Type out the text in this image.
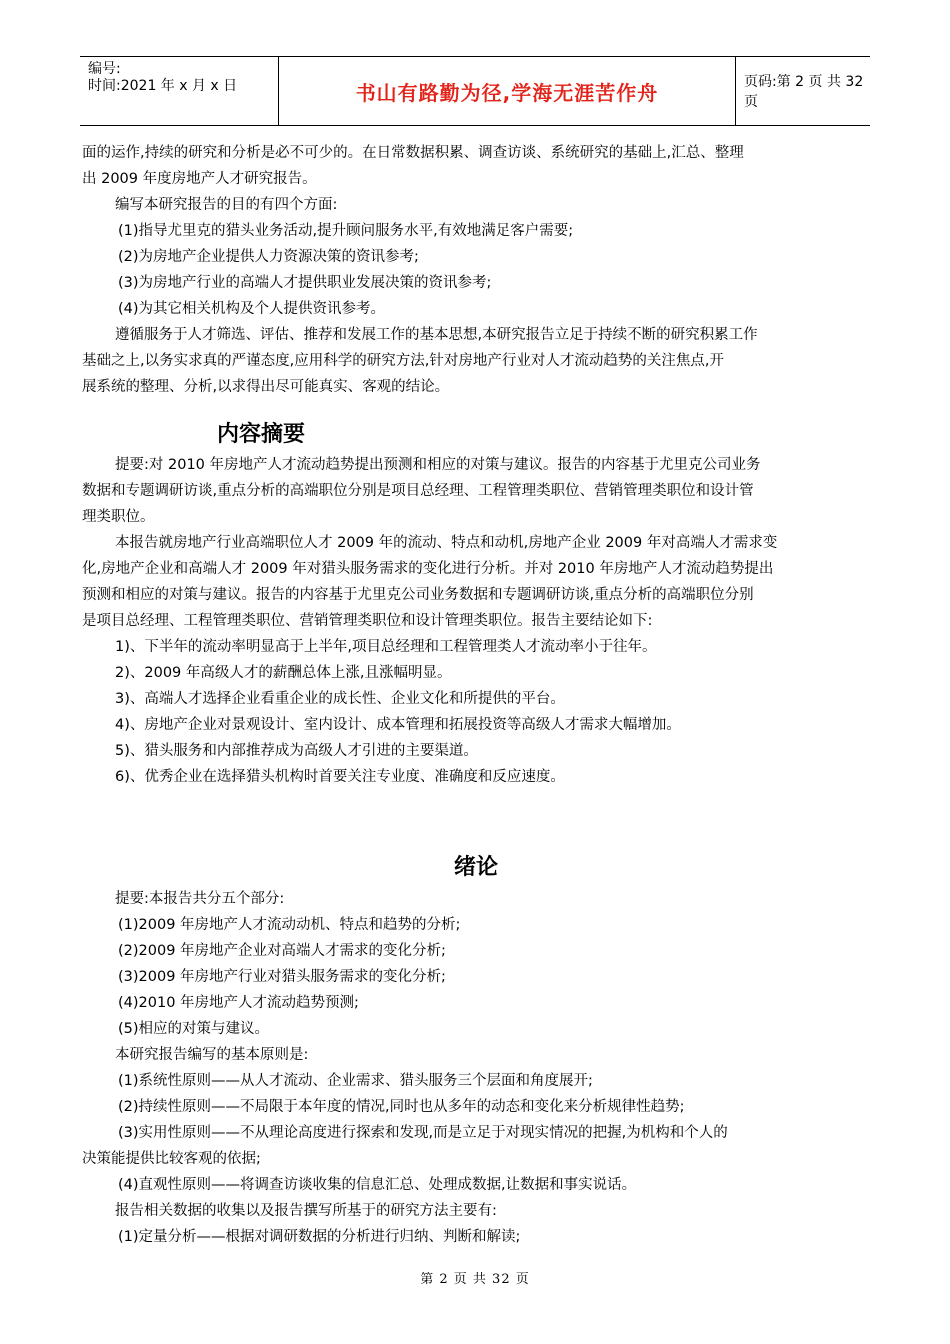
编号:
时间:2021 年 x 月 x 日	书山有路勤为径,学海无涯苦作舟	页码:第 2 页 共 32 页
面的运作,持续的研究和分析是必不可少的。在日常数据积累、调查访谈、系统研究的基础上,汇总、整理
出 2009 年度房地产人才研究报告。
编写本研究报告的目的有四个方面:
(1)指导尤里克的猎头业务活动,提升顾问服务水平,有效地满足客户需要;
(2)为房地产企业提供人力资源决策的资讯参考;
(3)为房地产行业的高端人才提供职业发展决策的资讯参考;
(4)为其它相关机构及个人提供资讯参考。
遵循服务于人才筛选、评估、推荐和发展工作的基本思想,本研究报告立足于持续不断的研究积累工作
基础之上,以务实求真的严谨态度,应用科学的研究方法,针对房地产行业对人才流动趋势的关注焦点,开
展系统的整理、分析,以求得出尽可能真实、客观的结论。
内容摘要
提要:对 2010 年房地产人才流动趋势提出预测和相应的对策与建议。报告的内容基于尤里克公司业务
数据和专题调研访谈,重点分析的高端职位分别是项目总经理、工程管理类职位、营销管理类职位和设计管
理类职位。
本报告就房地产行业高端职位人才 2009 年的流动、特点和动机,房地产企业 2009 年对高端人才需求变
化,房地产企业和高端人才 2009 年对猎头服务需求的变化进行分析。并对 2010 年房地产人才流动趋势提出
预测和相应的对策与建议。报告的内容基于尤里克公司业务数据和专题调研访谈,重点分析的高端职位分别
是项目总经理、工程管理类职位、营销管理类职位和设计管理类职位。报告主要结论如下:
1)、下半年的流动率明显高于上半年,项目总经理和工程管理类人才流动率小于往年。
2)、2009 年高级人才的薪酬总体上涨,且涨幅明显。
3)、高端人才选择企业看重企业的成长性、企业文化和所提供的平台。
4)、房地产企业对景观设计、室内设计、成本管理和拓展投资等高级人才需求大幅增加。
5)、猎头服务和内部推荐成为高级人才引进的主要渠道。
6)、优秀企业在选择猎头机构时首要关注专业度、准确度和反应速度。
绪论
提要:本报告共分五个部分:
(1)2009 年房地产人才流动动机、特点和趋势的分析;
(2)2009 年房地产企业对高端人才需求的变化分析;
(3)2009 年房地产行业对猎头服务需求的变化分析;
(4)2010 年房地产人才流动趋势预测;
(5)相应的对策与建议。
本研究报告编写的基本原则是:
(1)系统性原则——从人才流动、企业需求、猎头服务三个层面和角度展开;
(2)持续性原则——不局限于本年度的情况,同时也从多年的动态和变化来分析规律性趋势;
(3)实用性原则——不从理论高度进行探索和发现,而是立足于对现实情况的把握,为机构和个人的
决策能提供比较客观的依据;
(4)直观性原则——将调查访谈收集的信息汇总、处理成数据,让数据和事实说话。
报告相关数据的收集以及报告撰写所基于的研究方法主要有:
(1)定量分析——根据对调研数据的分析进行归纳、判断和解读;
第 2 页 共 32 页
